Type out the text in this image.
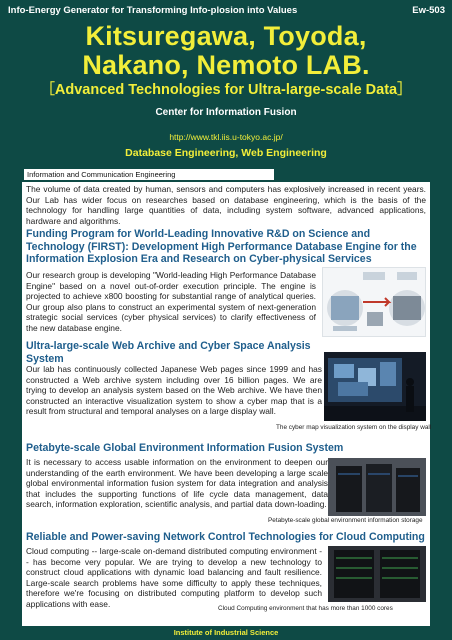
Info-Energy Generator for Transforming Info-plosion into Values	Ew-503
Kitsuregawa, Toyoda,
Nakano, Nemoto LAB.
［Advanced Technologies for Ultra-large-scale Data］
Center for Information Fusion
http://www.tkl.iis.u-tokyo.ac.jp/
Database Engineering, Web Engineering
Information and Communication Engineering

The volume of data created by human, sensors and computers has explosively increased in recent years. Our Lab has wider focus on researches based on database engineering, which is the basis of the technology for handling large quantities of data, including system software, advanced applications, hardware and algorithms.

Funding Program for World-Leading Innovative R&D on Science and Technology (FIRST): Development High Performance Database Engine for the Information Explosion Era and Research on Cyber-physical Services

Our research group is developing "World-leading High Performance Database Engine" based on a novel out-of-order execution principle. The engine is projected to achieve x800 boosting for substantial range of analytical queries. Our group also plans to construct an experimental system of next-generation strategic social services (cyber physical services) to clarify effectiveness of the new database engine.

Ultra-large-scale Web Archive and Cyber Space Analysis System

Our lab has continuously collected Japanese Web pages since 1999 and has constructed a Web archive system including over 16 billion pages. We are trying to develop an analysis system based on the Web archive. We have then constructed an interactive visualization system to show a cyber map that is a result from structural and temporal analyses on a large display wall.

The cyber map visualization system on the display wall
Petabyte-scale Global Environment Information Fusion System

It is necessary to access usable information on the environment to deepen our understanding of the earth environment. We have been developing a large scale global environmental information fusion system for data integration and analysis that includes the supporting functions of life cycle data management, data search, information exploration, scientific analysis, and partial data down-loading.

Petabyte-scale global environment information storage
Reliable and Power-saving Network Control Technologies for Cloud Computing

Cloud computing -- large-scale on-demand distributed computing environment -- has become very popular. We are trying to develop a new technology to construct cloud applications with dynamic load balancing and fault resilience. Large-scale search problems have some difficulty to apply these techniques, therefore we're focusing on distributed computing platform to develop such applications with ease.	Cloud Computing environment that has more than 1000 cores
Institute of Industrial Science
